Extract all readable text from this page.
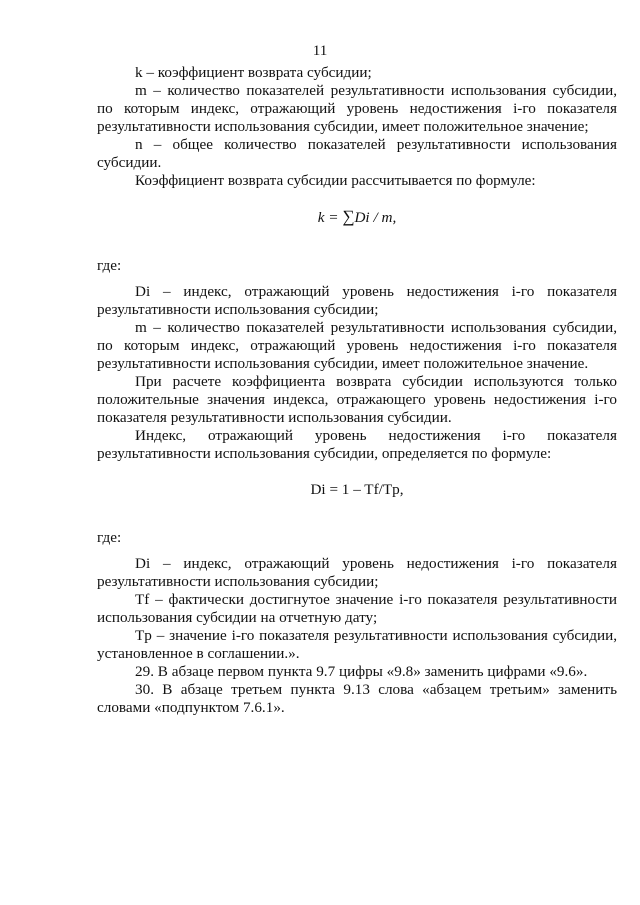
11

k – коэффициент возврата субсидии;

m – количество показателей результативности использования субсидии, по которым индекс, отражающий уровень недостижения i-го показателя результативности использования субсидии, имеет положительное значение;

n – общее количество показателей результативности использования субсидии.

Коэффициент возврата субсидии рассчитывается по формуле:

k = ∑Di / m,

где:

Di – индекс, отражающий уровень недостижения i-го показателя результативности использования субсидии;

m – количество показателей результативности использования субсидии, по которым индекс, отражающий уровень недостижения i-го показателя результативности использования субсидии, имеет положительное значение.

При расчете коэффициента возврата субсидии используются только положительные значения индекса, отражающего уровень недостижения i-го показателя результативности использования субсидии.

Индекс, отражающий уровень недостижения i-го показателя результативности использования субсидии, определяется по формуле:

Di = 1 – Tf/Tp,

где:

Di – индекс, отражающий уровень недостижения i-го показателя результативности использования субсидии;

Tf – фактически достигнутое значение i-го показателя результативности использования субсидии на отчетную дату;

Tp – значение i-го показателя результативности использования субсидии, установленное в соглашении.».

29. В абзаце первом пункта 9.7 цифры «9.8» заменить цифрами «9.6».

30. В абзаце третьем пункта 9.13 слова «абзацем третьим» заменить словами «подпунктом 7.6.1».
